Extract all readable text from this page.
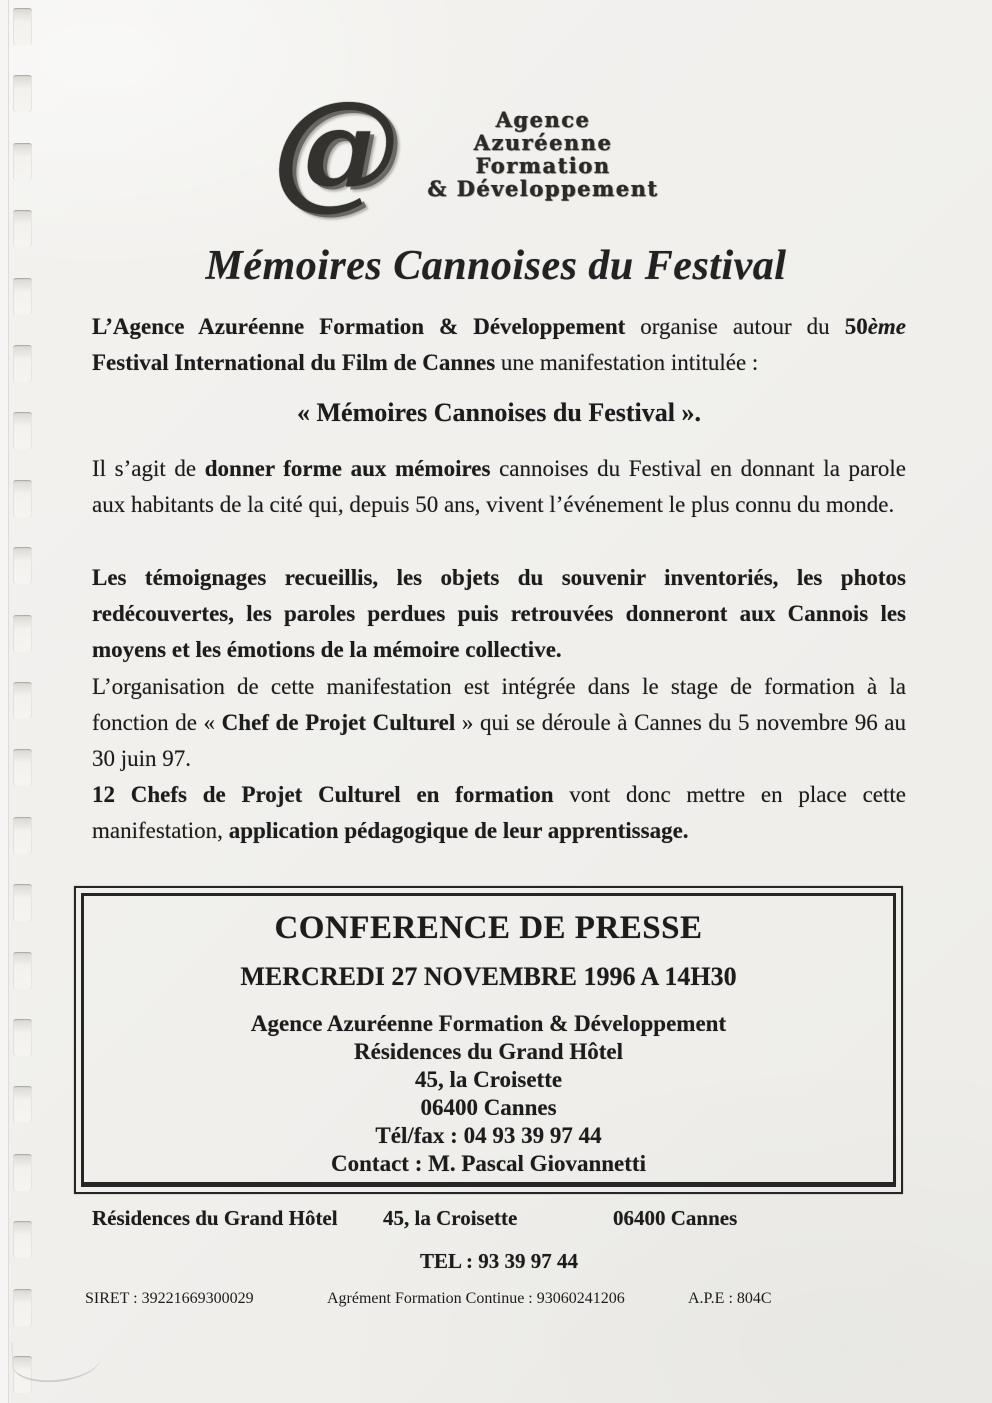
@	Agence
Azuréenne
Formation
& Développement
Mémoires Cannoises du Festival

L’Agence Azuréenne Formation & Développement organise autour du 50ème Festival International du Film de Cannes une manifestation intitulée :

« Mémoires Cannoises du Festival ».

Il s’agit de donner forme aux mémoires cannoises du Festival en donnant la parole aux habitants de la cité qui, depuis 50 ans, vivent l’événement le plus connu du monde.

Les témoignages recueillis, les objets du souvenir inventoriés, les photos redécouvertes, les paroles perdues puis retrouvées donneront aux Cannois les moyens et les émotions de la mémoire collective.

L’organisation de cette manifestation est intégrée dans le stage de formation à la fonction de « Chef de Projet Culturel » qui se déroule à Cannes du 5 novembre 96 au 30 juin 97.

12 Chefs de Projet Culturel en formation vont donc mettre en place cette manifestation, application pédagogique de leur apprentissage.

CONFERENCE DE PRESSE
MERCREDI 27 NOVEMBRE 1996 A 14H30
Agence Azuréenne Formation & Développement
Résidences du Grand Hôtel
45, la Croisette
06400 Cannes
Tél/fax : 04 93 39 97 44
Contact : M. Pascal Giovannetti
Résidences du Grand Hôtel 45, la Croisette	06400 Cannes
TEL : 93 39 97 44
SIRET : 39221669300029	Agrément Formation Continue : 93060241206	A.P.E : 804C
